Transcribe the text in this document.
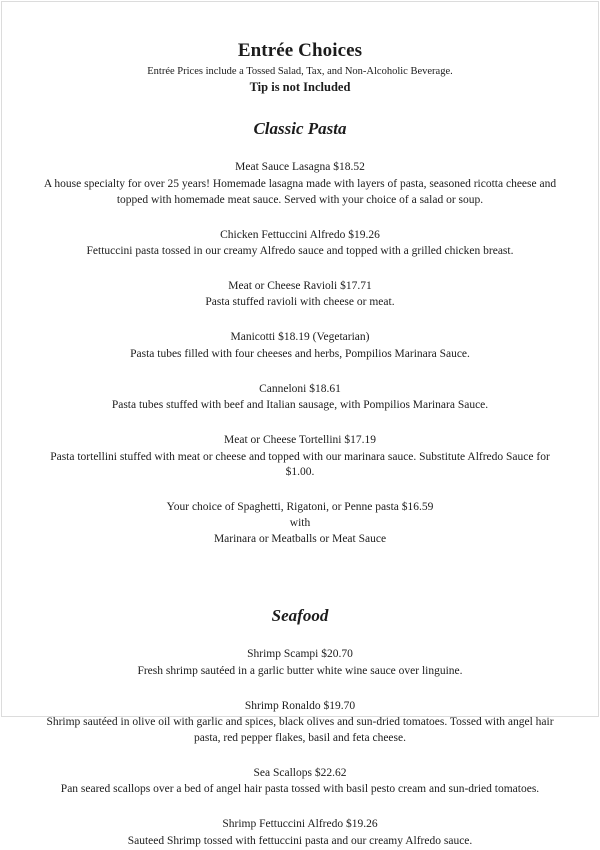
Entrée Choices

Entrée Prices include a Tossed Salad, Tax, and Non-Alcoholic Beverage.

Tip is not Included

Classic Pasta

Meat Sauce Lasagna $18.52

A house specialty for over 25 years! Homemade lasagna made with layers of pasta, seasoned ricotta cheese and topped with homemade meat sauce. Served with your choice of a salad or soup.

Chicken Fettuccini Alfredo $19.26

Fettuccini pasta tossed in our creamy Alfredo sauce and topped with a grilled chicken breast.

Meat or Cheese Ravioli $17.71

Pasta stuffed ravioli with cheese or meat.

Manicotti $18.19 (Vegetarian)

Pasta tubes filled with four cheeses and herbs, Pompilios Marinara Sauce.

Canneloni $18.61

Pasta tubes stuffed with beef and Italian sausage, with Pompilios Marinara Sauce.

Meat or Cheese Tortellini $17.19

Pasta tortellini stuffed with meat or cheese and topped with our marinara sauce. Substitute Alfredo Sauce for $1.00.

Your choice of Spaghetti, Rigatoni, or Penne pasta $16.59

with

Marinara or Meatballs or Meat Sauce

Seafood

Shrimp Scampi $20.70

Fresh shrimp sautéed in a garlic butter white wine sauce over linguine.

Shrimp Ronaldo $19.70

Shrimp sautéed in olive oil with garlic and spices, black olives and sun-dried tomatoes. Tossed with angel hair pasta, red pepper flakes, basil and feta cheese.

Sea Scallops $22.62

Pan seared scallops over a bed of angel hair pasta tossed with basil pesto cream and sun-dried tomatoes.

Shrimp Fettuccini Alfredo $19.26

Sauteed Shrimp tossed with fettuccini pasta and our creamy Alfredo sauce.
